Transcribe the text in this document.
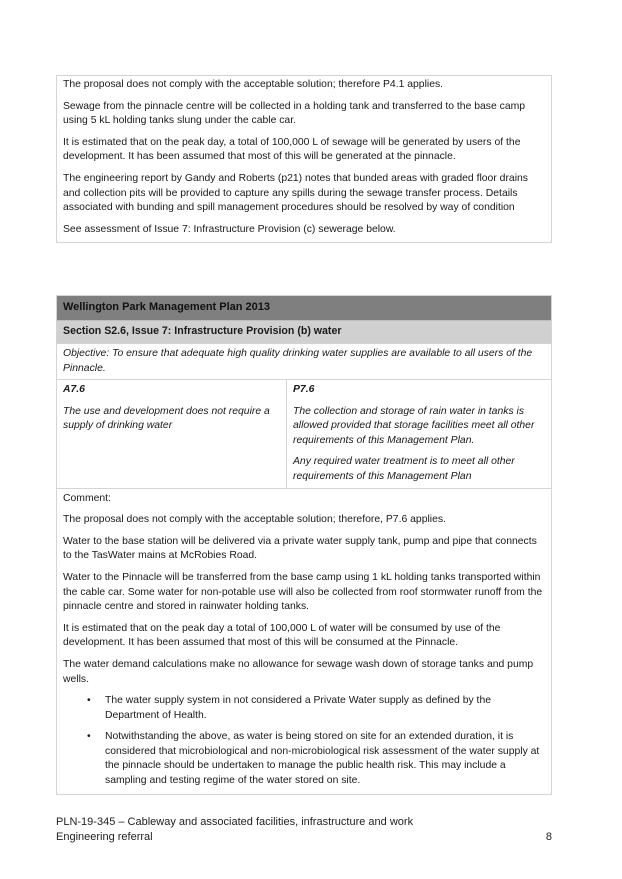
The proposal does not comply with the acceptable solution; therefore P4.1 applies.

Sewage from the pinnacle centre will be collected in a holding tank and transferred to the base camp using 5 kL holding tanks slung under the cable car.

It is estimated that on the peak day, a total of 100,000 L of sewage will be generated by users of the development. It has been assumed that most of this will be generated at the pinnacle.

The engineering report by Gandy and Roberts (p21) notes that bunded areas with graded floor drains and collection pits will be provided to capture any spills during the sewage transfer process. Details associated with bunding and spill management procedures should be resolved by way of condition

See assessment of Issue 7: Infrastructure Provision (c) sewerage below.

Wellington Park Management Plan 2013
Section S2.6, Issue 7: Infrastructure Provision (b) water
Objective: To ensure that adequate high quality drinking water supplies are available to all users of the Pinnacle.

A7.6

The use and development does not require a supply of drinking water

P7.6

The collection and storage of rain water in tanks is allowed provided that storage facilities meet all other requirements of this Management Plan.

Any required water treatment is to meet all other requirements of this Management Plan

Comment:

The proposal does not comply with the acceptable solution; therefore, P7.6 applies.

Water to the base station will be delivered via a private water supply tank, pump and pipe that connects to the TasWater mains at McRobies Road.

Water to the Pinnacle will be transferred from the base camp using 1 kL holding tanks transported within the cable car. Some water for non-potable use will also be collected from roof stormwater runoff from the pinnacle centre and stored in rainwater holding tanks.

It is estimated that on the peak day a total of 100,000 L of water will be consumed by use of the development. It has been assumed that most of this will be consumed at the Pinnacle.

The water demand calculations make no allowance for sewage wash down of storage tanks and pump wells.

• The water supply system in not considered a Private Water supply as defined by the Department of Health.
• Notwithstanding the above, as water is being stored on site for an extended duration, it is considered that microbiological and non-microbiological risk assessment of the water supply at the pinnacle should be undertaken to manage the public health risk. This may include a sampling and testing regime of the water stored on site.
PLN-19-345 – Cableway and associated facilities, infrastructure and work
Engineering referral	8
